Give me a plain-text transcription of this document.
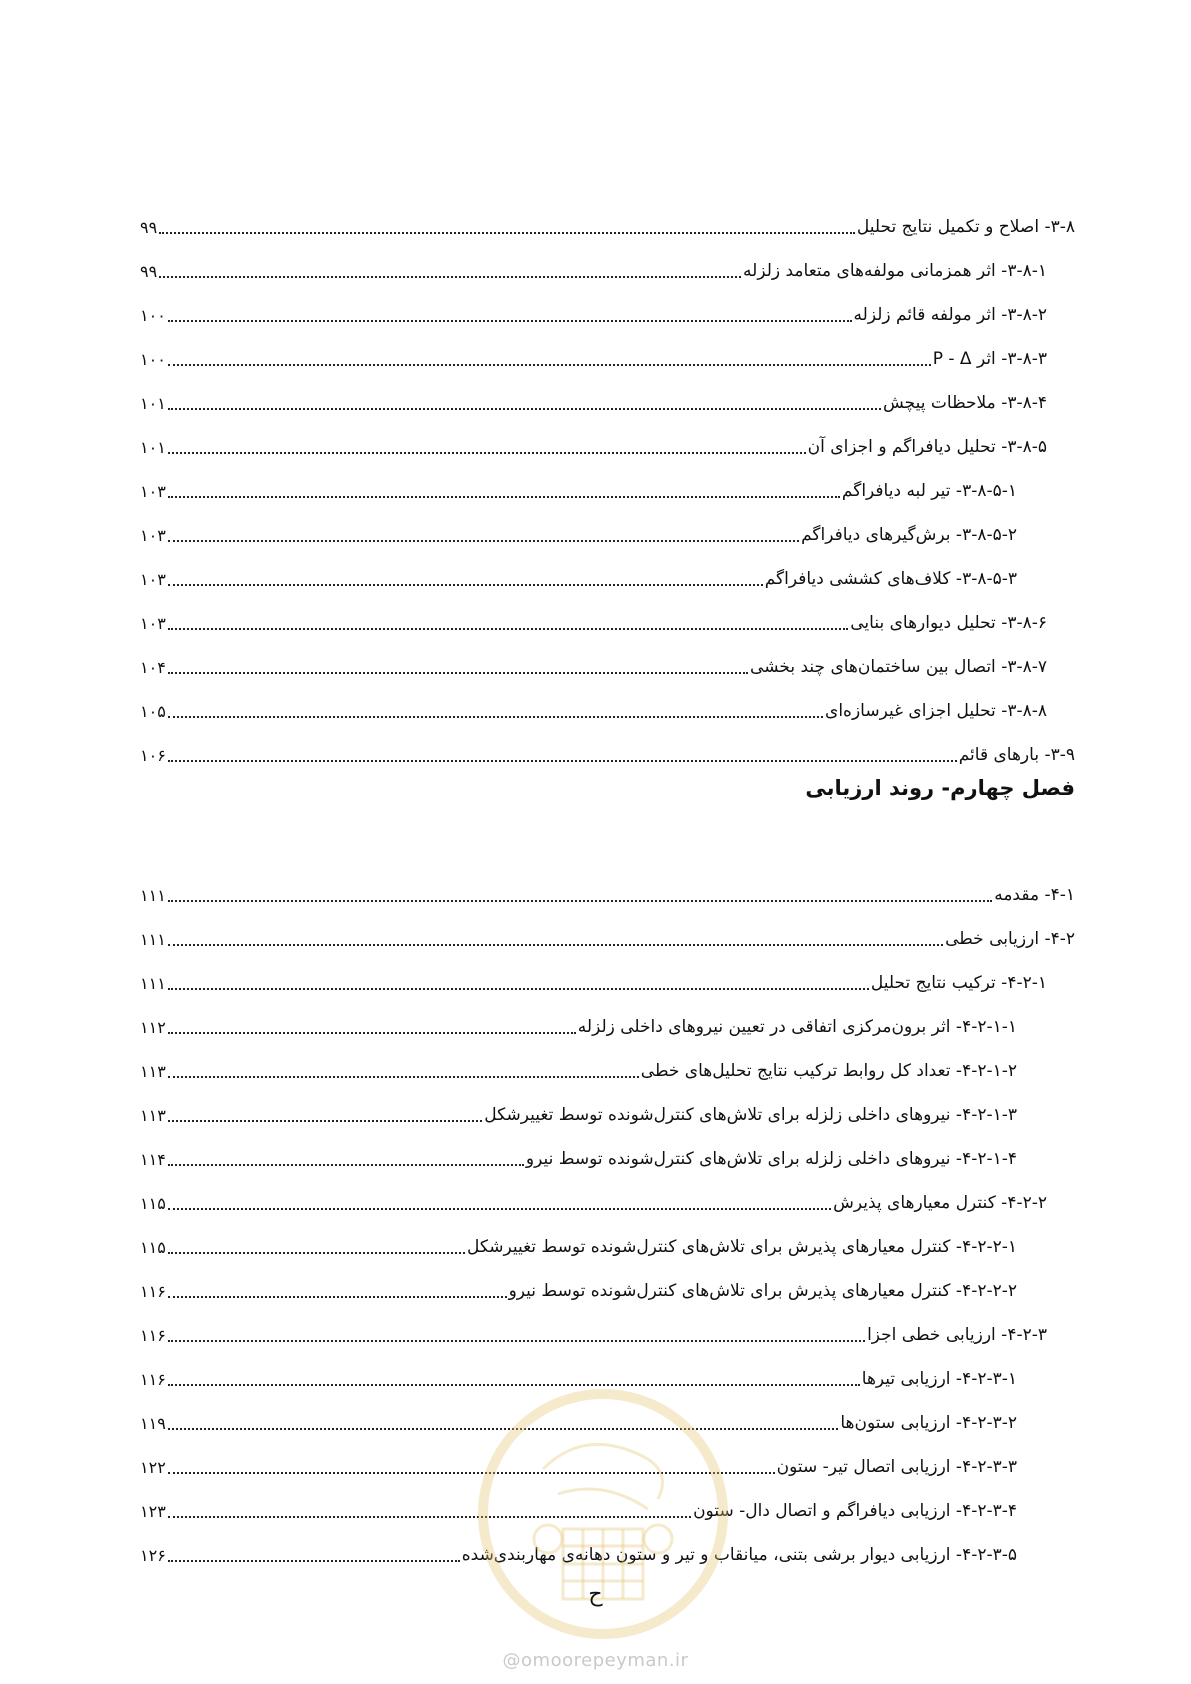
۳-۸- اصلاح و تکمیل نتایج تحلیل
۹۹
۳-۸-۱- اثر همزمانی مولفه‌های متعامد زلزله
۹۹
۳-۸-۲- اثر مولفه قائم زلزله
۱۰۰
۳-۸-۳- اثر P - Δ
۱۰۰
۳-۸-۴- ملاحظات پیچش
۱۰۱
۳-۸-۵- تحلیل دیافراگم و اجزای آن
۱۰۱
۳-۸-۵-۱- تیر لبه دیافراگم
۱۰۳
۳-۸-۵-۲- برش‌گیرهای دیافراگم
۱۰۳
۳-۸-۵-۳- کلاف‌های کششی دیافراگم
۱۰۳
۳-۸-۶- تحلیل دیوارهای بنایی
۱۰۳
۳-۸-۷- اتصال بین ساختمان‌های چند بخشی
۱۰۴
۳-۸-۸- تحلیل اجزای غیرسازه‌ای
۱۰۵
۳-۹- بارهای قائم
۱۰۶
فصل چهارم- روند ارزیابی
۴-۱- مقدمه
۱۱۱
۴-۲- ارزیابی خطی
۱۱۱
۴-۲-۱- ترکیب نتایج تحلیل
۱۱۱
۴-۲-۱-۱- اثر برون‌مرکزی اتفاقی در تعیین نیروهای داخلی زلزله
۱۱۲
۴-۲-۱-۲- تعداد کل روابط ترکیب نتایج تحلیل‌های خطی
۱۱۳
۴-۲-۱-۳- نیروهای داخلی زلزله برای تلاش‌های کنترل‌شونده توسط تغییرشکل
۱۱۳
۴-۲-۱-۴- نیروهای داخلی زلزله برای تلاش‌های کنترل‌شونده توسط نیرو
۱۱۴
۴-۲-۲- کنترل معیارهای پذیرش
۱۱۵
۴-۲-۲-۱- کنترل معیارهای پذیرش برای تلاش‌های کنترل‌شونده توسط تغییرشکل
۱۱۵
۴-۲-۲-۲- کنترل معیارهای پذیرش برای تلاش‌های کنترل‌شونده توسط نیرو
۱۱۶
۴-۲-۳- ارزیابی خطی اجزا
۱۱۶
۴-۲-۳-۱- ارزیابی تیرها
۱۱۶
۴-۲-۳-۲- ارزیابی ستون‌ها
۱۱۹
۴-۲-۳-۳- ارزیابی اتصال تیر- ستون
۱۲۲
۴-۲-۳-۴- ارزیابی دیافراگم و اتصال دال- ستون
۱۲۳
۴-۲-۳-۵- ارزیابی دیوار برشی بتنی، میانقاب و تیر و ستون دهانه‌ی مهاربندی‌شده
۱۲۶
ح
@omoorepeyman.ir
